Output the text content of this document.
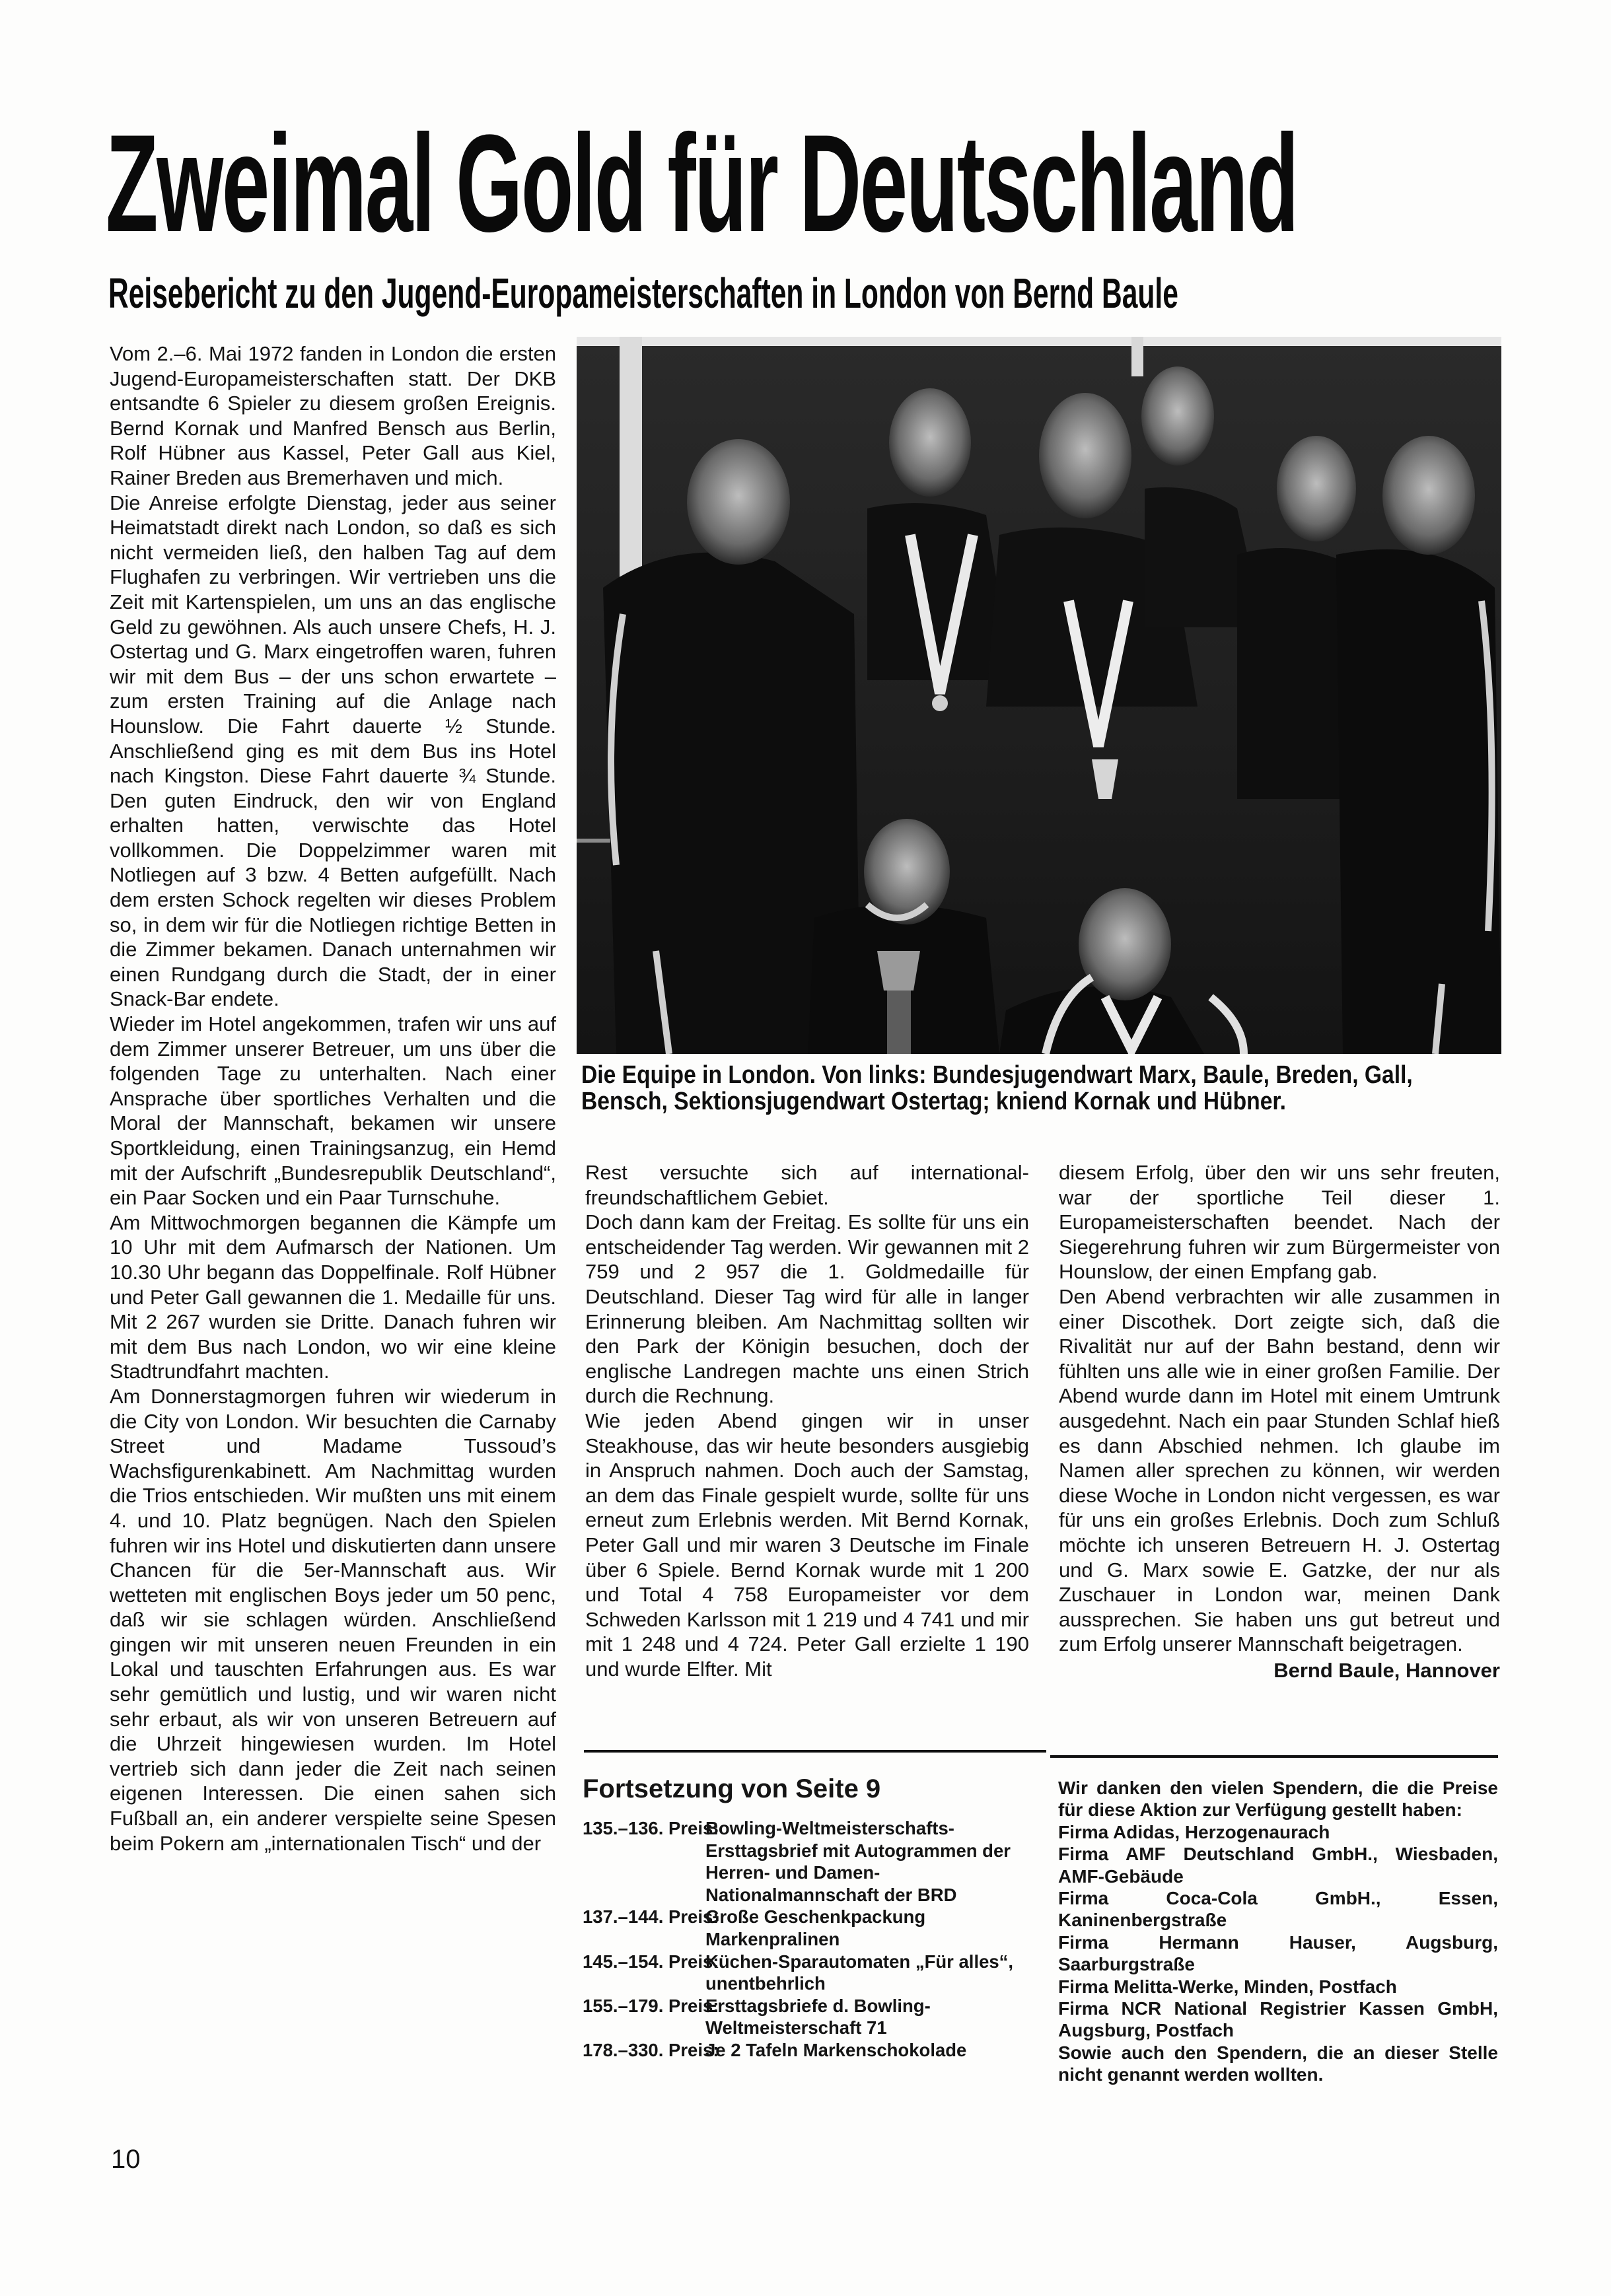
Zweimal Gold für Deutschland
Reisebericht zu den Jugend-Europameisterschaften in London von Bernd Baule

Vom 2.–6. Mai 1972 fanden in London die ersten Jugend-Europameisterschaften statt. Der DKB entsandte 6 Spieler zu diesem großen Ereignis. Bernd Kornak und Manfred Bensch aus Berlin, Rolf Hübner aus Kassel, Peter Gall aus Kiel, Rainer Breden aus Bremerhaven und mich.

Die Anreise erfolgte Dienstag, jeder aus seiner Heimatstadt direkt nach London, so daß es sich nicht vermeiden ließ, den halben Tag auf dem Flughafen zu verbringen. Wir vertrieben uns die Zeit mit Kartenspielen, um uns an das englische Geld zu gewöhnen. Als auch unsere Chefs, H. J. Ostertag und G. Marx eingetroffen waren, fuhren wir mit dem Bus – der uns schon erwartete – zum ersten Training auf die Anlage nach Hounslow. Die Fahrt dauerte ½ Stunde. Anschließend ging es mit dem Bus ins Hotel nach Kingston. Diese Fahrt dauerte ¾ Stunde. Den guten Eindruck, den wir von England erhalten hatten, verwischte das Hotel vollkommen. Die Doppelzimmer waren mit Notliegen auf 3 bzw. 4 Betten aufgefüllt. Nach dem ersten Schock regelten wir dieses Problem so, in dem wir für die Notliegen richtige Betten in die Zimmer bekamen. Danach unternahmen wir einen Rundgang durch die Stadt, der in einer Snack-Bar endete.

Wieder im Hotel angekommen, trafen wir uns auf dem Zimmer unserer Betreuer, um uns über die folgenden Tage zu unterhalten. Nach einer Ansprache über sportliches Verhalten und die Moral der Mannschaft, bekamen wir unsere Sportkleidung, einen Trainingsanzug, ein Hemd mit der Aufschrift „Bundesrepublik Deutschland“, ein Paar Socken und ein Paar Turnschuhe.

Am Mittwochmorgen begannen die Kämpfe um 10 Uhr mit dem Aufmarsch der Nationen. Um 10.30 Uhr begann das Doppelfinale. Rolf Hübner und Peter Gall gewannen die 1. Medaille für uns. Mit 2 267 wurden sie Dritte. Danach fuhren wir mit dem Bus nach London, wo wir eine kleine Stadtrundfahrt machten.

Am Donnerstagmorgen fuhren wir wiederum in die City von London. Wir besuchten die Carnaby Street und Madame Tussoud’s Wachsfigurenkabinett. Am Nachmittag wurden die Trios entschieden. Wir mußten uns mit einem 4. und 10. Platz begnügen. Nach den Spielen fuhren wir ins Hotel und diskutierten dann unsere Chancen für die 5er-Mannschaft aus. Wir wetteten mit englischen Boys jeder um 50 penc, daß wir sie schlagen würden. Anschließend gingen wir mit unseren neuen Freunden in ein Lokal und tauschten Erfahrungen aus. Es war sehr gemütlich und lustig, und wir waren nicht sehr erbaut, als wir von unseren Betreuern auf die Uhrzeit hingewiesen wurden. Im Hotel vertrieb sich dann jeder die Zeit nach seinen eigenen Interessen. Die einen sahen sich Fußball an, ein anderer verspielte seine Spesen beim Pokern am „internationalen Tisch“ und der

Die Equipe in London. Von links: Bundesjugendwart Marx, Baule, Breden, Gall,
Bensch, Sektionsjugendwart Ostertag; kniend Kornak und Hübner.

Rest versuchte sich auf international-freundschaftlichem Gebiet.

Doch dann kam der Freitag. Es sollte für uns ein entscheidender Tag werden. Wir gewannen mit 2 759 und 2 957 die 1. Goldmedaille für Deutschland. Dieser Tag wird für alle in langer Erinnerung bleiben. Am Nachmittag sollten wir den Park der Königin besuchen, doch der englische Landregen machte uns einen Strich durch die Rechnung.

Wie jeden Abend gingen wir in unser Steakhouse, das wir heute besonders ausgiebig in Anspruch nahmen. Doch auch der Samstag, an dem das Finale gespielt wurde, sollte für uns erneut zum Erlebnis werden. Mit Bernd Kornak, Peter Gall und mir waren 3 Deutsche im Finale über 6 Spiele. Bernd Kornak wurde mit 1 200 und Total 4 758 Europameister vor dem Schweden Karlsson mit 1 219 und 4 741 und mir mit 1 248 und 4 724. Peter Gall erzielte 1 190 und wurde Elfter. Mit

diesem Erfolg, über den wir uns sehr freuten, war der sportliche Teil dieser 1. Europameisterschaften beendet. Nach der Siegerehrung fuhren wir zum Bürgermeister von Hounslow, der einen Empfang gab.

Den Abend verbrachten wir alle zusammen in einer Discothek. Dort zeigte sich, daß die Rivalität nur auf der Bahn bestand, denn wir fühlten uns alle wie in einer großen Familie. Der Abend wurde dann im Hotel mit einem Umtrunk ausgedehnt. Nach ein paar Stunden Schlaf hieß es dann Abschied nehmen. Ich glaube im Namen aller sprechen zu können, wir werden diese Woche in London nicht vergessen, es war für uns ein großes Erlebnis. Doch zum Schluß möchte ich unseren Betreuern H. J. Ostertag und G. Marx sowie E. Gatzke, der nur als Zuschauer in London war, meinen Dank aussprechen. Sie haben uns gut betreut und zum Erfolg unserer Mannschaft beigetragen.

Bernd Baule, Hannover
Fortsetzung von Seite 9
135.–136. Preis:
Bowling-Weltmeisterschafts-Ersttagsbrief mit Autogrammen der Herren- und Damen-Nationalmannschaft der BRD
137.–144. Preis:
Große Geschenkpackung Markenpralinen
145.–154. Preis:
Küchen-Sparautomaten „Für alles“, unentbehrlich
155.–179. Preis:
Ersttagsbriefe d. Bowling-Weltmeisterschaft 71
178.–330. Preis:
Je 2 Tafeln Markenschokolade
Wir danken den vielen Spendern, die die Preise für diese Aktion zur Verfügung gestellt haben:
Firma Adidas, Herzogenaurach
Firma AMF Deutschland GmbH., Wiesbaden, AMF-Gebäude
Firma Coca-Cola GmbH., Essen, Kaninenbergstraße
Firma Hermann Hauser, Augsburg, Saarburgstraße
Firma Melitta-Werke, Minden, Postfach
Firma NCR National Registrier Kassen GmbH, Augsburg, Postfach
Sowie auch den Spendern, die an dieser Stelle nicht genannt werden wollten.
10
